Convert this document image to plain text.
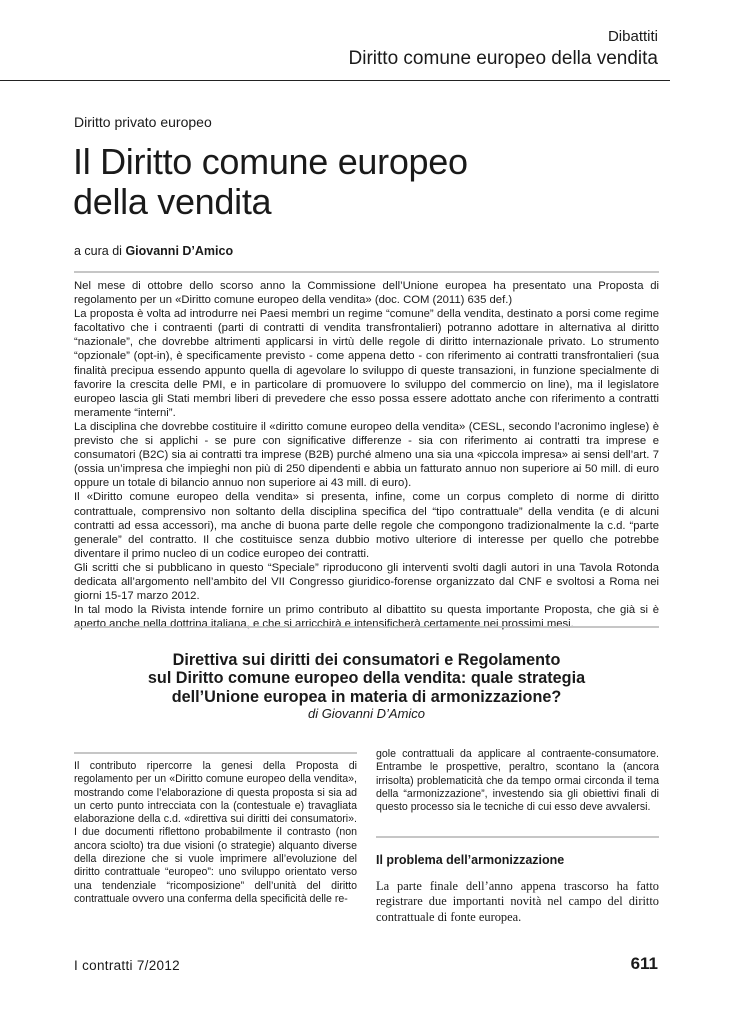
Dibattiti
Diritto comune europeo della vendita
Diritto privato europeo
Il Diritto comune europeo
della vendita
a cura di Giovanni D’Amico

Nel mese di ottobre dello scorso anno la Commissione dell’Unione europea ha presentato una Proposta di regolamento per un «Diritto comune europeo della vendita» (doc. COM (2011) 635 def.)

La proposta è volta ad introdurre nei Paesi membri un regime “comune” della vendita, destinato a porsi come regime facoltativo che i contraenti (parti di contratti di vendita transfrontalieri) potranno adottare in alternativa al diritto “nazionale”, che dovrebbe altrimenti applicarsi in virtù delle regole di diritto internazionale privato. Lo strumento “opzionale” (opt-in), è specificamente previsto - come appena detto - con riferimento ai contratti transfrontalieri (sua finalità precipua essendo appunto quella di agevolare lo sviluppo di queste transazioni, in funzione specialmente di favorire la crescita delle PMI, e in particolare di promuovere lo sviluppo del commercio on line), ma il legislatore europeo lascia gli Stati membri liberi di prevedere che esso possa essere adottato anche con riferimento a contratti meramente “interni”.

La disciplina che dovrebbe costituire il «diritto comune europeo della vendita» (CESL, secondo l’acronimo inglese) è previsto che si applichi - se pure con significative differenze - sia con riferimento ai contratti tra imprese e consumatori (B2C) sia ai contratti tra imprese (B2B) purché almeno una sia una «piccola impresa» ai sensi dell’art. 7 (ossia un’impresa che impieghi non più di 250 dipendenti e abbia un fatturato annuo non superiore ai 50 mill. di euro oppure un totale di bilancio annuo non superiore ai 43 mill. di euro).

Il «Diritto comune europeo della vendita» si presenta, infine, come un corpus completo di norme di diritto contrattuale, comprensivo non soltanto della disciplina specifica del “tipo contrattuale” della vendita (e di alcuni contratti ad essa accessori), ma anche di buona parte delle regole che compongono tradizionalmente la c.d. “parte generale” del contratto. Il che costituisce senza dubbio motivo ulteriore di interesse per quello che potrebbe diventare il primo nucleo di un codice europeo dei contratti.

Gli scritti che si pubblicano in questo “Speciale” riproducono gli interventi svolti dagli autori in una Tavola Rotonda dedicata all’argomento nell’ambito del VII Congresso giuridico-forense organizzato dal CNF e svoltosi a Roma nei giorni 15-17 marzo 2012.

In tal modo la Rivista intende fornire un primo contributo al dibattito su questa importante Proposta, che già si è aperto anche nella dottrina italiana, e che si arricchirà e intensificherà certamente nei prossimi mesi.

Direttiva sui diritti dei consumatori e Regolamento
sul Diritto comune europeo della vendita: quale strategia
dell’Unione europea in materia di armonizzazione?
di Giovanni D’Amico
Il contributo ripercorre la genesi della Proposta di regolamento per un «Diritto comune europeo della vendita», mostrando come l’elaborazione di questa proposta si sia ad un certo punto intrecciata con la (contestuale e) travagliata elaborazione della c.d. «direttiva sui diritti dei consumatori». I due documenti riflettono probabilmente il contrasto (non ancora sciolto) tra due visioni (o strategie) alquanto diverse della direzione che si vuole imprimere all’evoluzione del diritto contrattuale “europeo”: uno sviluppo orientato verso una tendenziale “ricomposizione” dell’unità del diritto contrattuale ovvero una conferma della specificità delle re-
gole contrattuali da applicare al contraente-consumatore. Entrambe le prospettive, peraltro, scontano la (ancora irrisolta) problematicità che da tempo ormai circonda il tema della “armonizzazione”, investendo sia gli obiettivi finali di questo processo sia le tecniche di cui esso deve avvalersi.
Il problema dell’armonizzazione
La parte finale dell’anno appena trascorso ha fatto registrare due importanti novità nel campo del diritto contrattuale di fonte europea.
I contratti 7/2012	611
